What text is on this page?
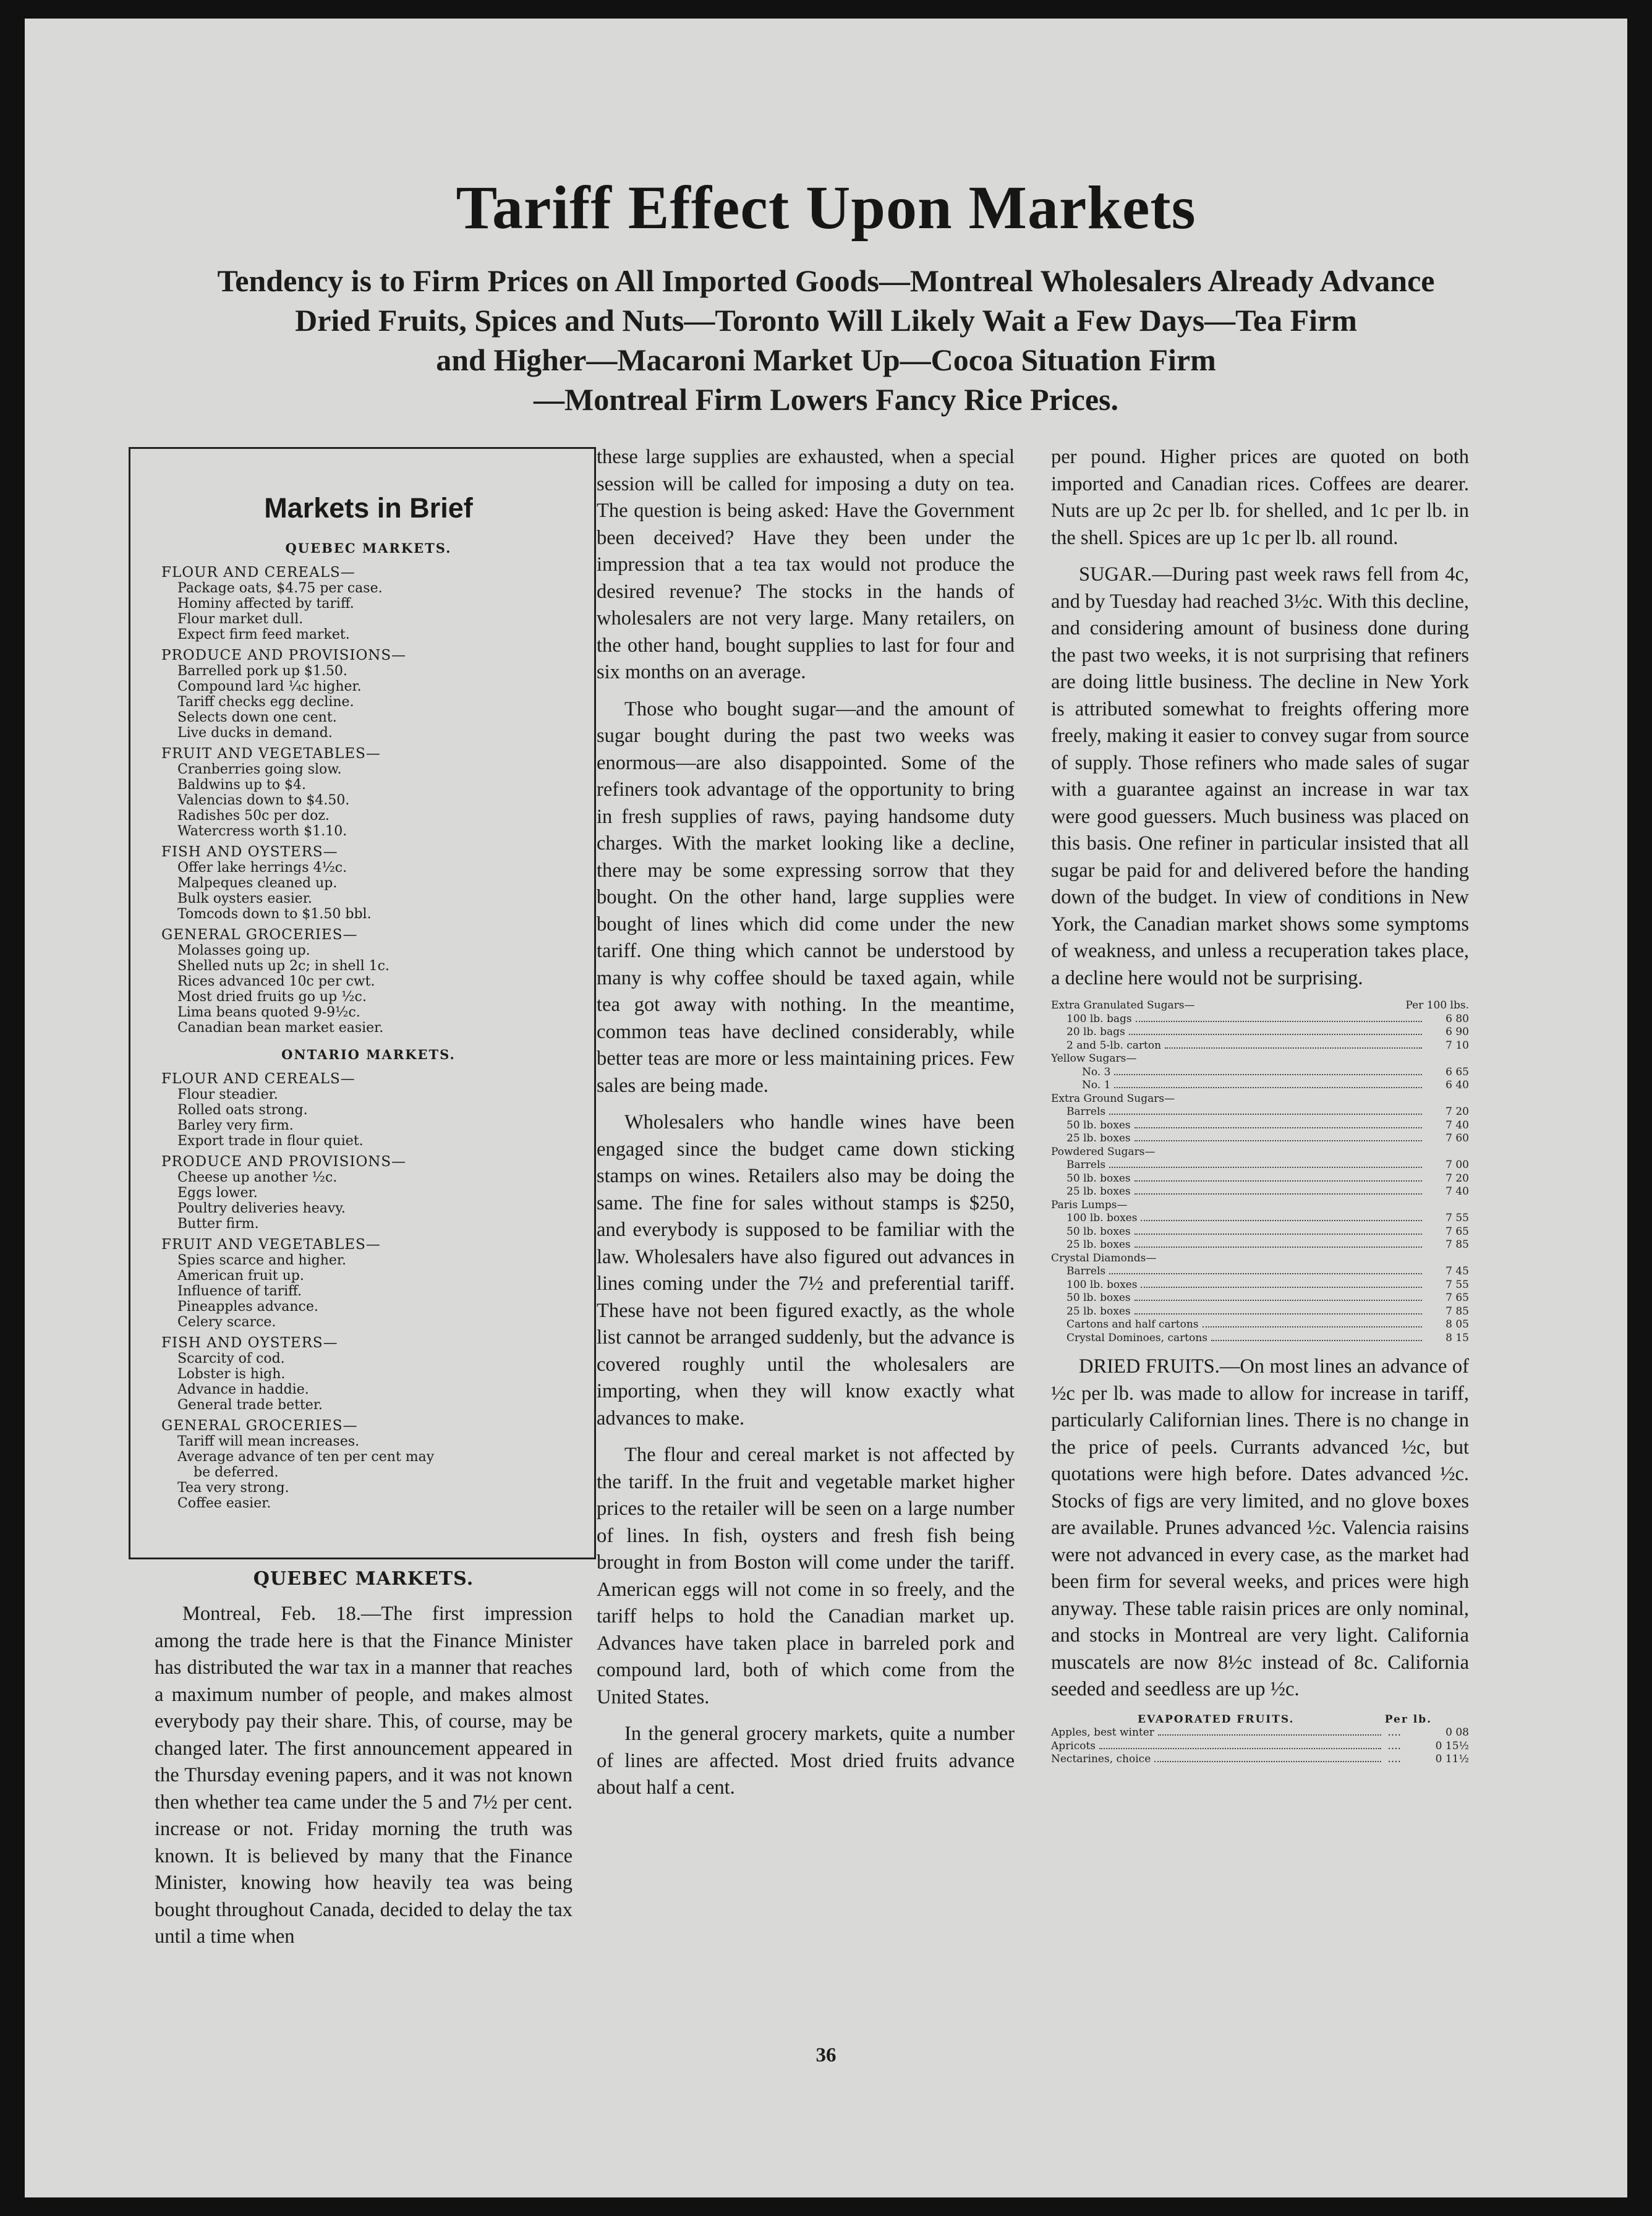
Tariff Effect Upon Markets
Tendency is to Firm Prices on All Imported Goods—Montreal Wholesalers Already Advance
Dried Fruits, Spices and Nuts—Toronto Will Likely Wait a Few Days—Tea Firm
and Higher—Macaroni Market Up—Cocoa Situation Firm
—Montreal Firm Lowers Fancy Rice Prices.
Markets in Brief
QUEBEC MARKETS.
FLOUR AND CEREALS—
Package oats, $4.75 per case.
Hominy affected by tariff.
Flour market dull.
Expect firm feed market.
PRODUCE AND PROVISIONS—
Barrelled pork up $1.50.
Compound lard ¼c higher.
Tariff checks egg decline.
Selects down one cent.
Live ducks in demand.
FRUIT AND VEGETABLES—
Cranberries going slow.
Baldwins up to $4.
Valencias down to $4.50.
Radishes 50c per doz.
Watercress worth $1.10.
FISH AND OYSTERS—
Offer lake herrings 4½c.
Malpeques cleaned up.
Bulk oysters easier.
Tomcods down to $1.50 bbl.
GENERAL GROCERIES—
Molasses going up.
Shelled nuts up 2c; in shell 1c.
Rices advanced 10c per cwt.
Most dried fruits go up ½c.
Lima beans quoted 9-9½c.
Canadian bean market easier.
ONTARIO MARKETS.
FLOUR AND CEREALS—
Flour steadier.
Rolled oats strong.
Barley very firm.
Export trade in flour quiet.
PRODUCE AND PROVISIONS—
Cheese up another ½c.
Eggs lower.
Poultry deliveries heavy.
Butter firm.
FRUIT AND VEGETABLES—
Spies scarce and higher.
American fruit up.
Influence of tariff.
Pineapples advance.
Celery scarce.
FISH AND OYSTERS—
Scarcity of cod.
Lobster is high.
Advance in haddie.
General trade better.
GENERAL GROCERIES—
Tariff will mean increases.
Average advance of ten per cent may
be deferred.
Tea very strong.
Coffee easier.
QUEBEC MARKETS.

Montreal, Feb. 18.—The first impression among the trade here is that the Finance Minister has distributed the war tax in a manner that reaches a maximum number of people, and makes almost everybody pay their share. This, of course, may be changed later. The first announcement appeared in the Thursday evening papers, and it was not known then whether tea came under the 5 and 7½ per cent. increase or not. Friday morning the truth was known. It is believed by many that the Finance Minister, knowing how heavily tea was being bought throughout Canada, decided to delay the tax until a time when

these large supplies are exhausted, when a special session will be called for imposing a duty on tea. The question is being asked: Have the Government been deceived? Have they been under the impression that a tea tax would not produce the desired revenue? The stocks in the hands of wholesalers are not very large. Many retailers, on the other hand, bought supplies to last for four and six months on an average.

Those who bought sugar—and the amount of sugar bought during the past two weeks was enormous—are also disappointed. Some of the refiners took advantage of the opportunity to bring in fresh supplies of raws, paying handsome duty charges. With the market looking like a decline, there may be some expressing sorrow that they bought. On the other hand, large supplies were bought of lines which did come under the new tariff. One thing which cannot be understood by many is why coffee should be taxed again, while tea got away with nothing. In the meantime, common teas have declined considerably, while better teas are more or less maintaining prices. Few sales are being made.

Wholesalers who handle wines have been engaged since the budget came down sticking stamps on wines. Retailers also may be doing the same. The fine for sales without stamps is $250, and everybody is supposed to be familiar with the law. Wholesalers have also figured out advances in lines coming under the 7½ and preferential tariff. These have not been figured exactly, as the whole list cannot be arranged suddenly, but the advance is covered roughly until the wholesalers are importing, when they will know exactly what advances to make.

The flour and cereal market is not affected by the tariff. In the fruit and vegetable market higher prices to the retailer will be seen on a large number of lines. In fish, oysters and fresh fish being brought in from Boston will come under the tariff. American eggs will not come in so freely, and the tariff helps to hold the Canadian market up. Advances have taken place in barreled pork and compound lard, both of which come from the United States.

In the general grocery markets, quite a number of lines are affected. Most dried fruits advance about half a cent.

per pound. Higher prices are quoted on both imported and Canadian rices. Coffees are dearer. Nuts are up 2c per lb. for shelled, and 1c per lb. in the shell. Spices are up 1c per lb. all round.

SUGAR.—During past week raws fell from 4c, and by Tuesday had reached 3½c. With this decline, and considering amount of business done during the past two weeks, it is not surprising that refiners are doing little business. The decline in New York is attributed somewhat to freights offering more freely, making it easier to convey sugar from source of supply. Those refiners who made sales of sugar with a guarantee against an increase in war tax were good guessers. Much business was placed on this basis. One refiner in particular insisted that all sugar be paid for and delivered before the handing down of the budget. In view of conditions in New York, the Canadian market shows some symptoms of weakness, and unless a recuperation takes place, a decline here would not be surprising.

Extra Granulated Sugars—	Per 100 lbs.
100 lb. bags	6 80
20 lb. bags	6 90
2 and 5-lb. carton	7 10
Yellow Sugars—
No. 3	6 65
No. 1	6 40
Extra Ground Sugars—
Barrels	7 20
50 lb. boxes	7 40
25 lb. boxes	7 60
Powdered Sugars—
Barrels	7 00
50 lb. boxes	7 20
25 lb. boxes	7 40
Paris Lumps—
100 lb. boxes	7 55
50 lb. boxes	7 65
25 lb. boxes	7 85
Crystal Diamonds—
Barrels	7 45
100 lb. boxes	7 55
50 lb. boxes	7 65
25 lb. boxes	7 85
Cartons and half cartons	8 05
Crystal Dominoes, cartons	8 15

DRIED FRUITS.—On most lines an advance of ½c per lb. was made to allow for increase in tariff, particularly Californian lines. There is no change in the price of peels. Currants advanced ½c, but quotations were high before. Dates advanced ½c. Stocks of figs are very limited, and no glove boxes are available. Prunes advanced ½c. Valencia raisins were not advanced in every case, as the market had been firm for several weeks, and prices were high anyway. These table raisin prices are only nominal, and stocks in Montreal are very light. California muscatels are now 8½c instead of 8c. California seeded and seedless are up ½c.

EVAPORATED FRUITS.	Per lb.
Apples, best winter	....	0 08
Apricots	....	0 15½
Nectarines, choice	....	0 11½
36
